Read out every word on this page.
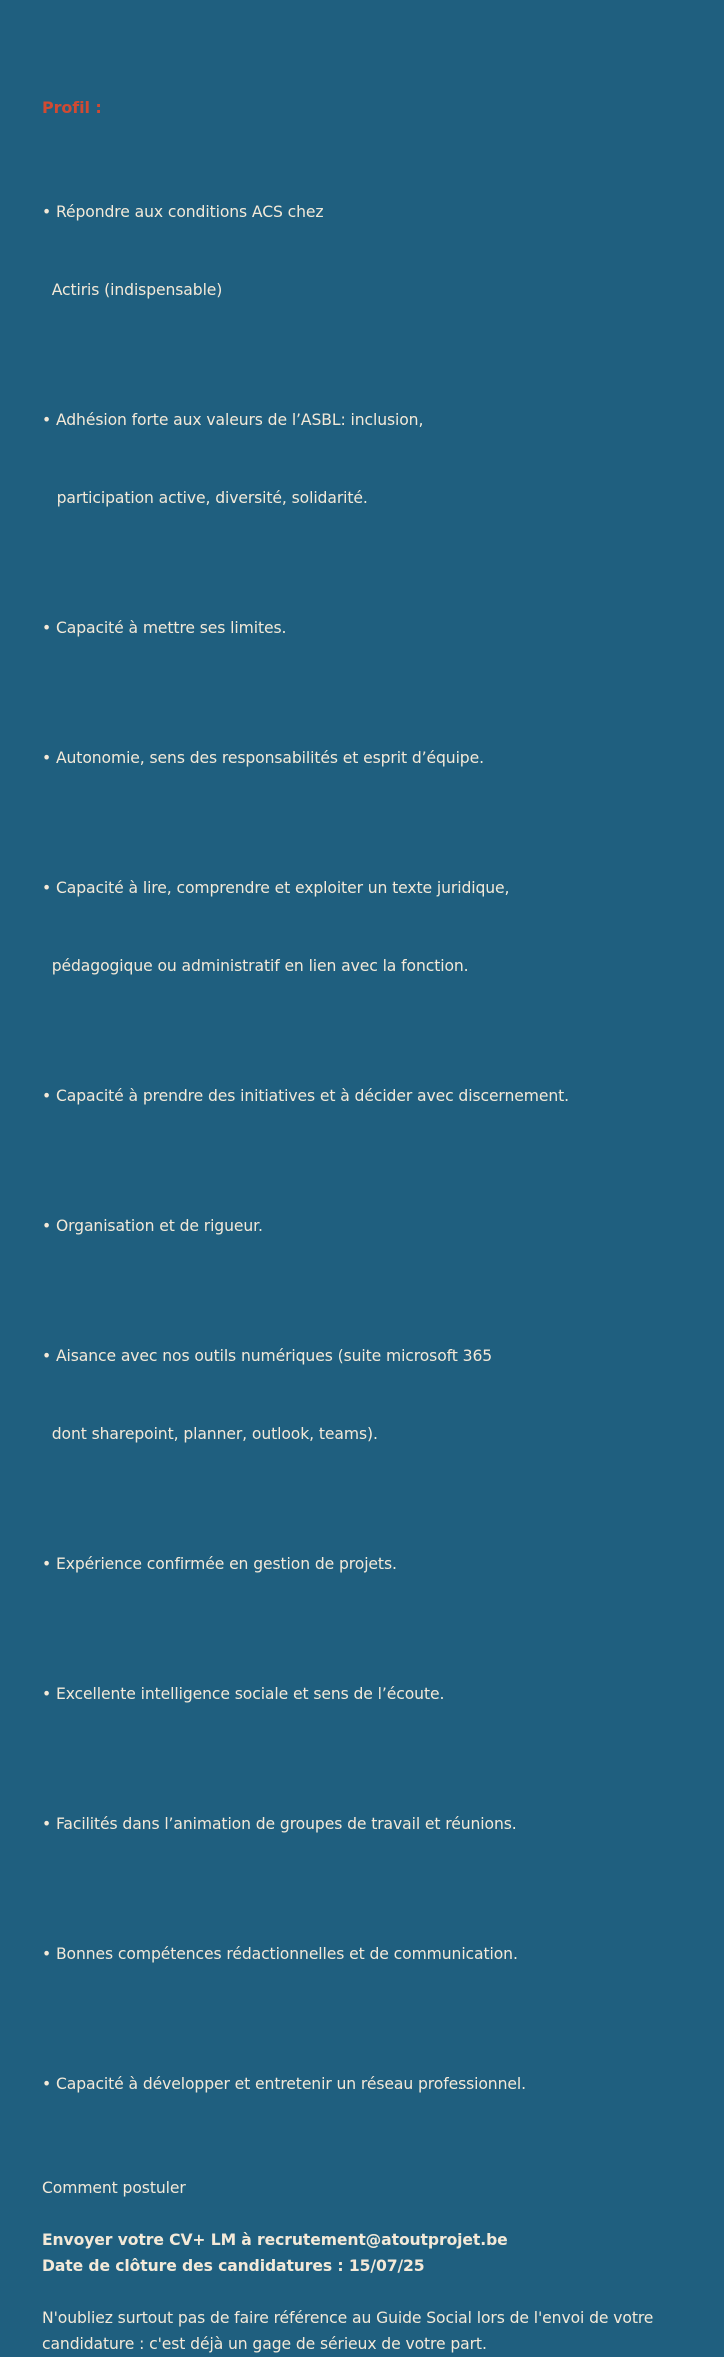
Profil :

• Répondre aux conditions ACS chez

Actiris (indispensable)

• Adhésion forte aux valeurs de l’ASBL: inclusion,

participation active, diversité, solidarité.

• Capacité à mettre ses limites.

• Autonomie, sens des responsabilités et esprit d’équipe.

• Capacité à lire, comprendre et exploiter un texte juridique,

pédagogique ou administratif en lien avec la fonction.

• Capacité à prendre des initiatives et à décider avec discernement.

• Organisation et de rigueur.

• Aisance avec nos outils numériques (suite microsoft 365

dont sharepoint, planner, outlook, teams).

• Expérience confirmée en gestion de projets.

• Excellente intelligence sociale et sens de l’écoute.

• Facilités dans l’animation de groupes de travail et réunions.

• Bonnes compétences rédactionnelles et de communication.

• Capacité à développer et entretenir un réseau professionnel.

Comment postuler
Envoyer votre CV+ LM à recrutement@atoutprojet.be
Date de clôture des candidatures : 15/07/25
N'oubliez surtout pas de faire référence au Guide Social lors de l'envoi de votre candidature : c'est déjà un gage de sérieux de votre part.
